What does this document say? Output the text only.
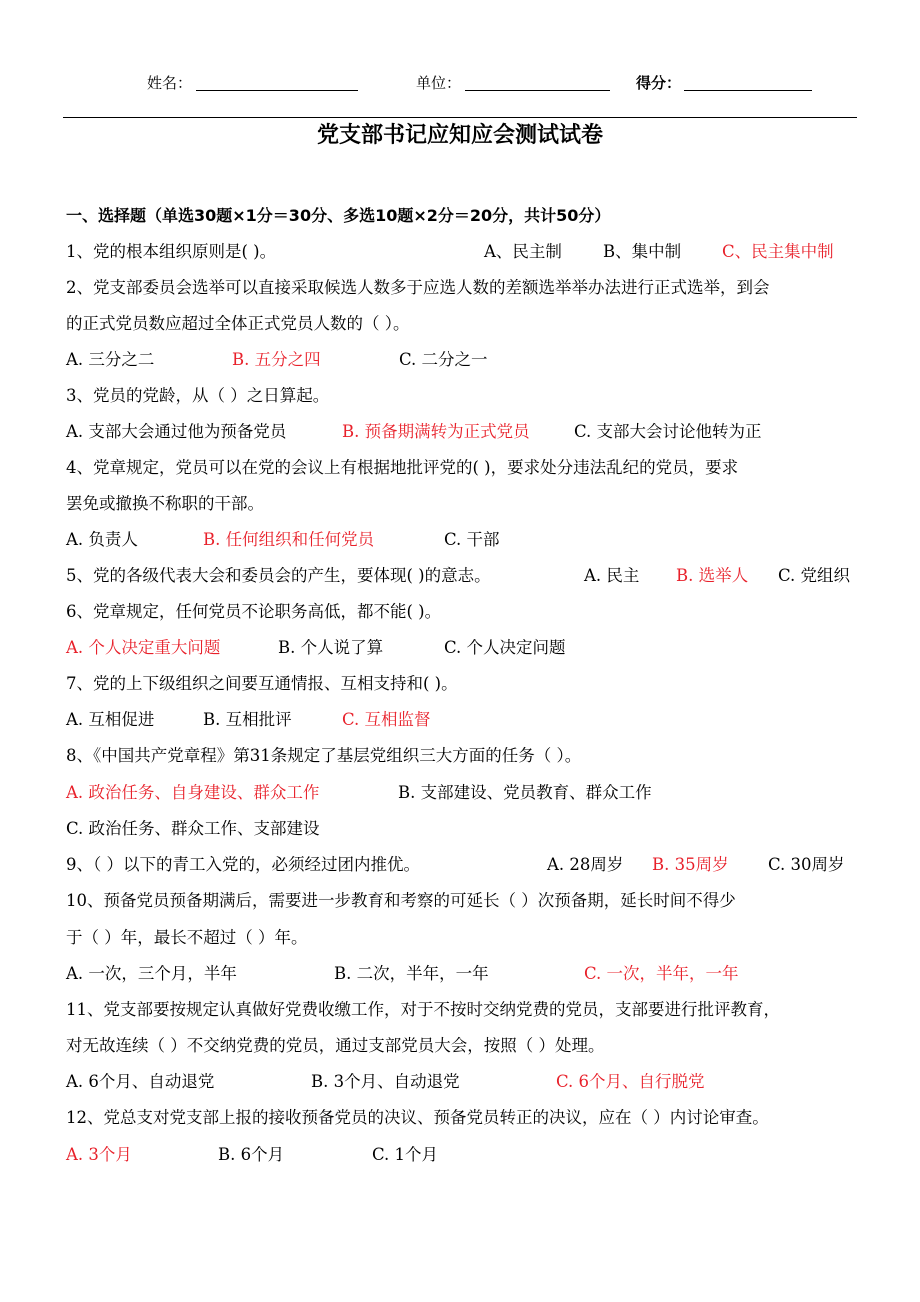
姓名：	单位：	得分：
党支部书记应知应会测试试卷
一、选择题（单选30题×1分＝30分、多选10题×2分＝20分，共计50分）
1、党的根本组织原则是( )。	A、民主制 B、集中制 C、民主集中制
2、党支部委员会选举可以直接采取候选人数多于应选人数的差额选举举办法进行正式选举，到会
的正式党员数应超过全体正式党员人数的（ ）。
A. 三分之二	B. 五分之四	C. 二分之一
3、党员的党龄，从（ ）之日算起。
A. 支部大会通过他为预备党员	B. 预备期满转为正式党员	C. 支部大会讨论他转为正
4、党章规定，党员可以在党的会议上有根据地批评党的( )，要求处分违法乱纪的党员，要求
罢免或撤换不称职的干部。
A. 负责人	B. 任何组织和任何党员	C. 干部
5、党的各级代表大会和委员会的产生，要体现( )的意志。	A. 民主 B. 选举人 C. 党组织
6、党章规定，任何党员不论职务高低，都不能( )。
A. 个人决定重大问题	B. 个人说了算	C. 个人决定问题
7、党的上下级组织之间要互通情报、互相支持和( )。
A. 互相促进	B. 互相批评	C. 互相监督
8、《中国共产党章程》第31条规定了基层党组织三大方面的任务（ ）。
A. 政治任务、自身建设、群众工作	B. 支部建设、党员教育、群众工作
C. 政治任务、群众工作、支部建设
9、（ ）以下的青工入党的，必须经过团内推优。	A. 28周岁 B. 35周岁 C. 30周岁
10、预备党员预备期满后，需要进一步教育和考察的可延长（ ）次预备期，延长时间不得少
于（ ）年，最长不超过（ ）年。
A. 一次，三个月，半年	B. 二次，半年，一年	C. 一次，半年，一年
11、党支部要按规定认真做好党费收缴工作，对于不按时交纳党费的党员，支部要进行批评教育，
对无故连续（ ）不交纳党费的党员，通过支部党员大会，按照（ ）处理。
A. 6个月、自动退党	B. 3个月、自动退党	C. 6个月、自行脱党
12、党总支对党支部上报的接收预备党员的决议、预备党员转正的决议，应在（ ）内讨论审查。
A. 3个月	B. 6个月	C. 1个月
